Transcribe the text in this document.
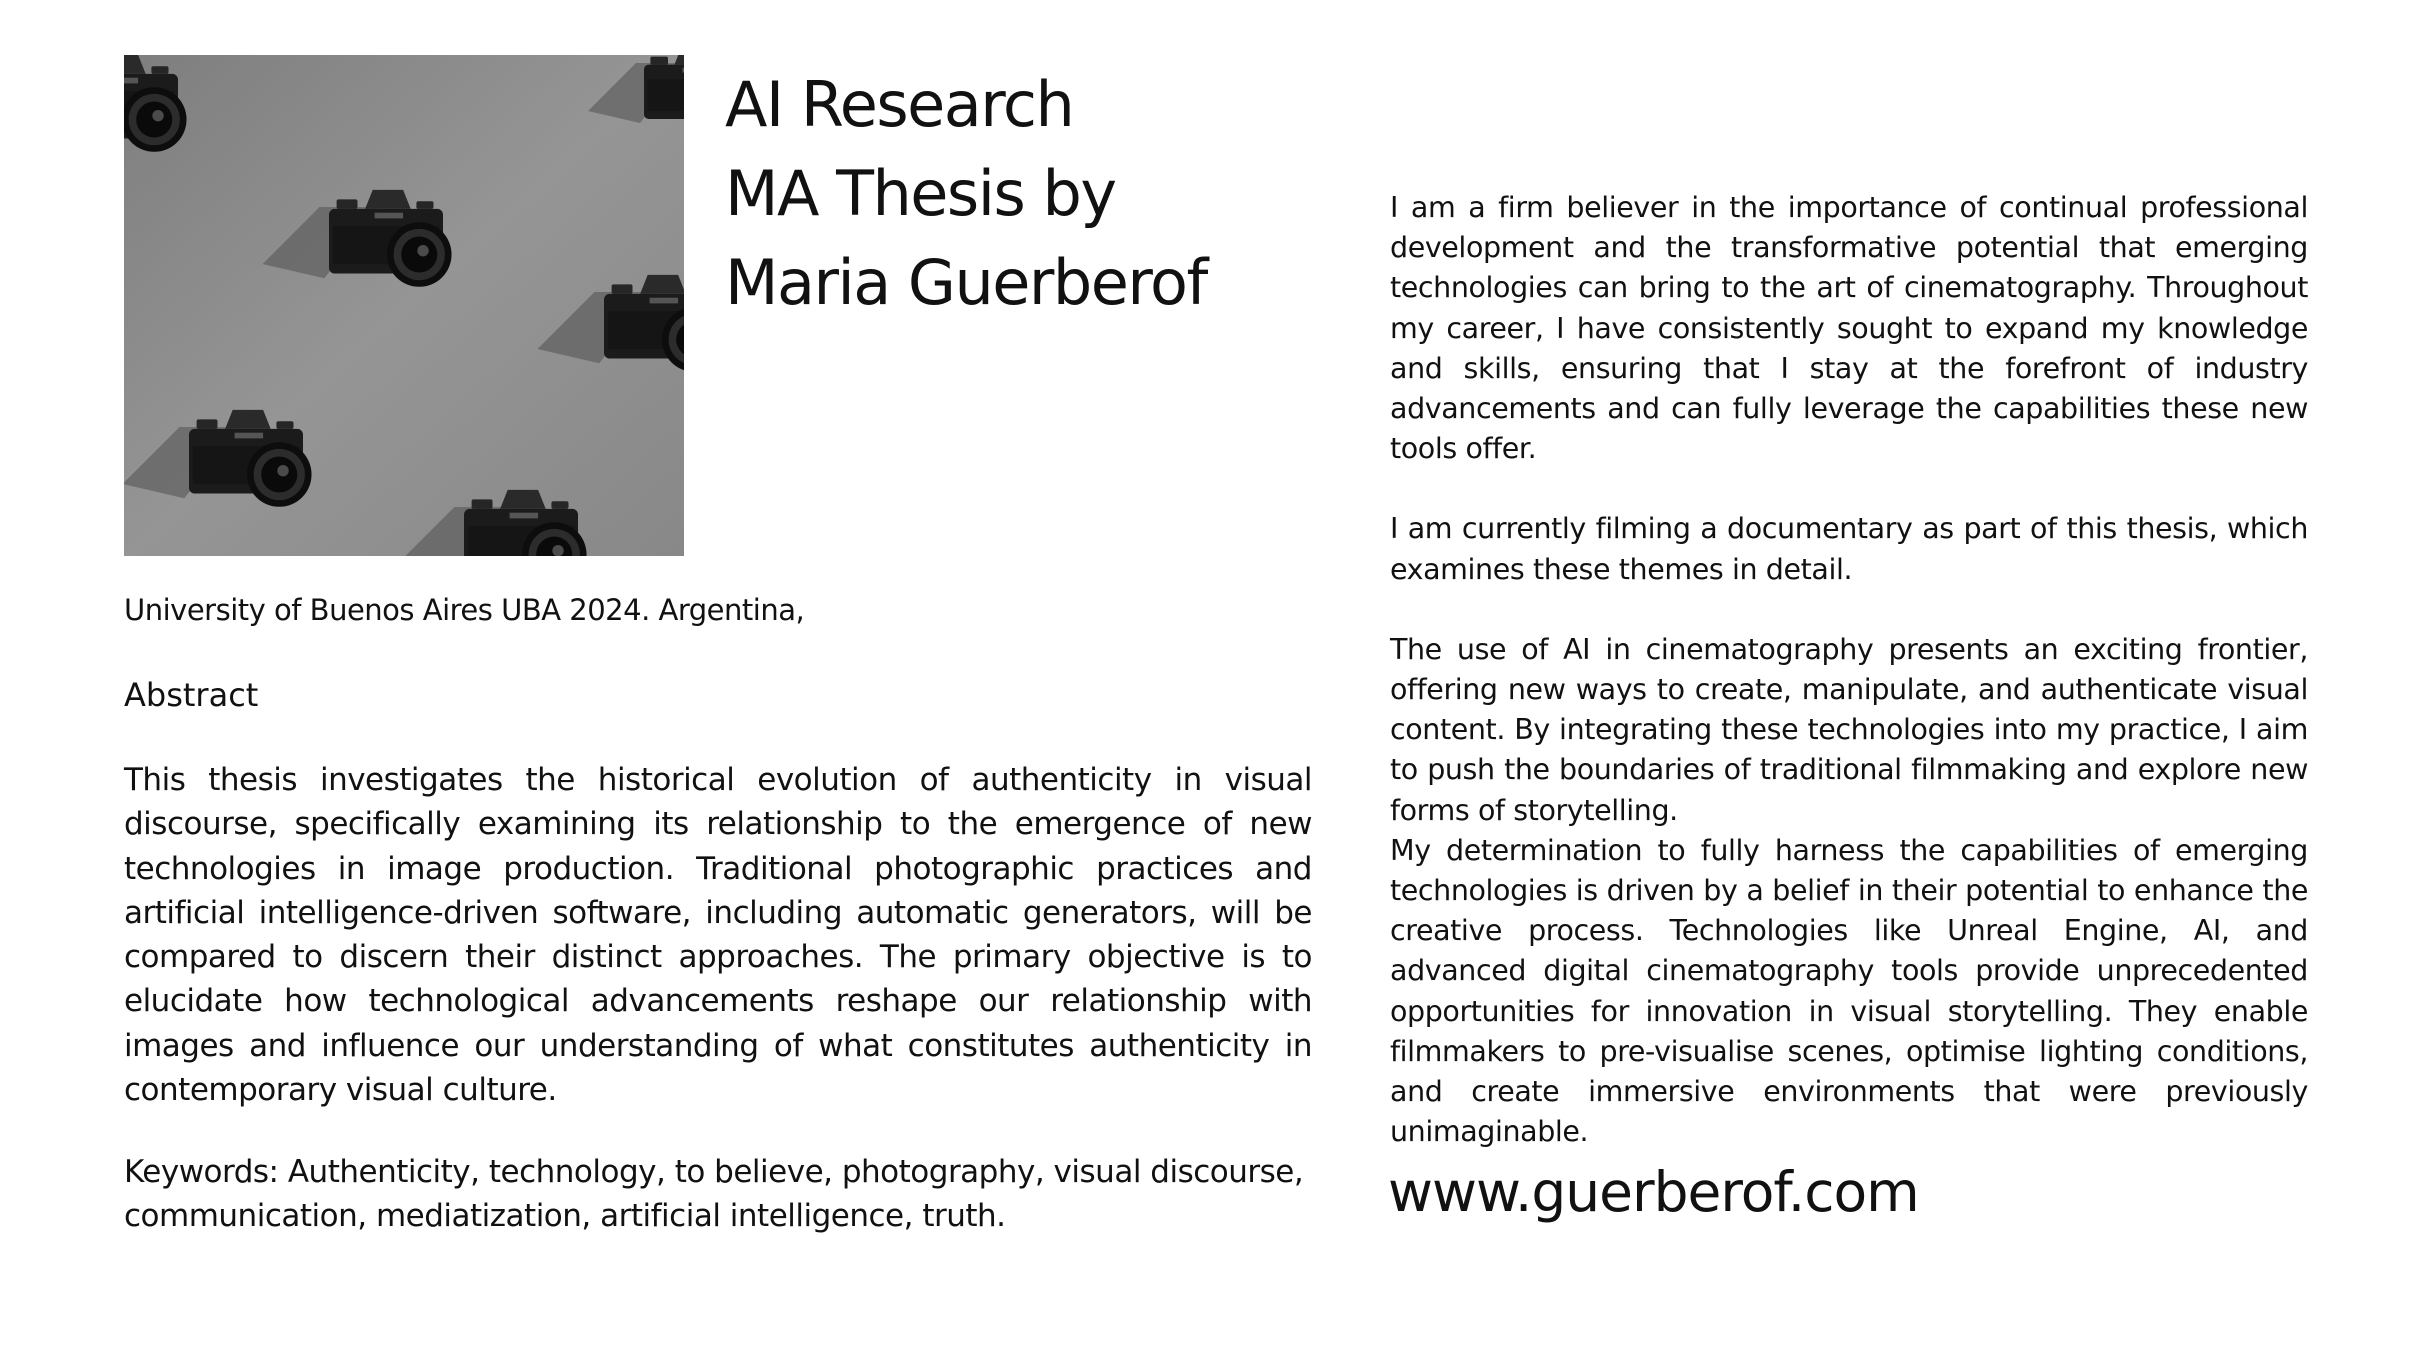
AI Research
MA Thesis by
Maria Guerberof
University of Buenos Aires UBA 2024. Argentina,
Abstract

This thesis investigates the historical evolution of authenticity in visual discourse, specifically examining its relationship to the emergence of new technologies in image production. Traditional photographic practices and artificial intelligence-driven software, including automatic generators, will be compared to discern their distinct approaches. The primary objective is to elucidate how technological advancements reshape our relationship with images and influence our understanding of what constitutes authenticity in contemporary visual culture.

Keywords: Authenticity, technology, to believe, photography, visual discourse, communication, mediatization, artificial intelligence, truth.

I am a firm believer in the importance of continual professional development and the transformative potential that emerging technologies can bring to the art of cinematography. Throughout my career, I have consistently sought to expand my knowledge and skills, ensuring that I stay at the forefront of industry advancements and can fully leverage the capabilities these new tools offer.

I am currently filming a documentary as part of this thesis, which examines these themes in detail.

The use of AI in cinematography presents an exciting frontier, offering new ways to create, manipulate, and authenticate visual content. By integrating these technologies into my practice, I aim to push the boundaries of traditional filmmaking and explore new forms of storytelling.

My determination to fully harness the capabilities of emerging technologies is driven by a belief in their potential to enhance the creative process. Technologies like Unreal Engine, AI, and advanced digital cinematography tools provide unprecedented opportunities for innovation in visual storytelling. They enable filmmakers to pre-visualise scenes, optimise lighting conditions, and create immersive environments that were previously unimaginable.

www.guerberof.com
